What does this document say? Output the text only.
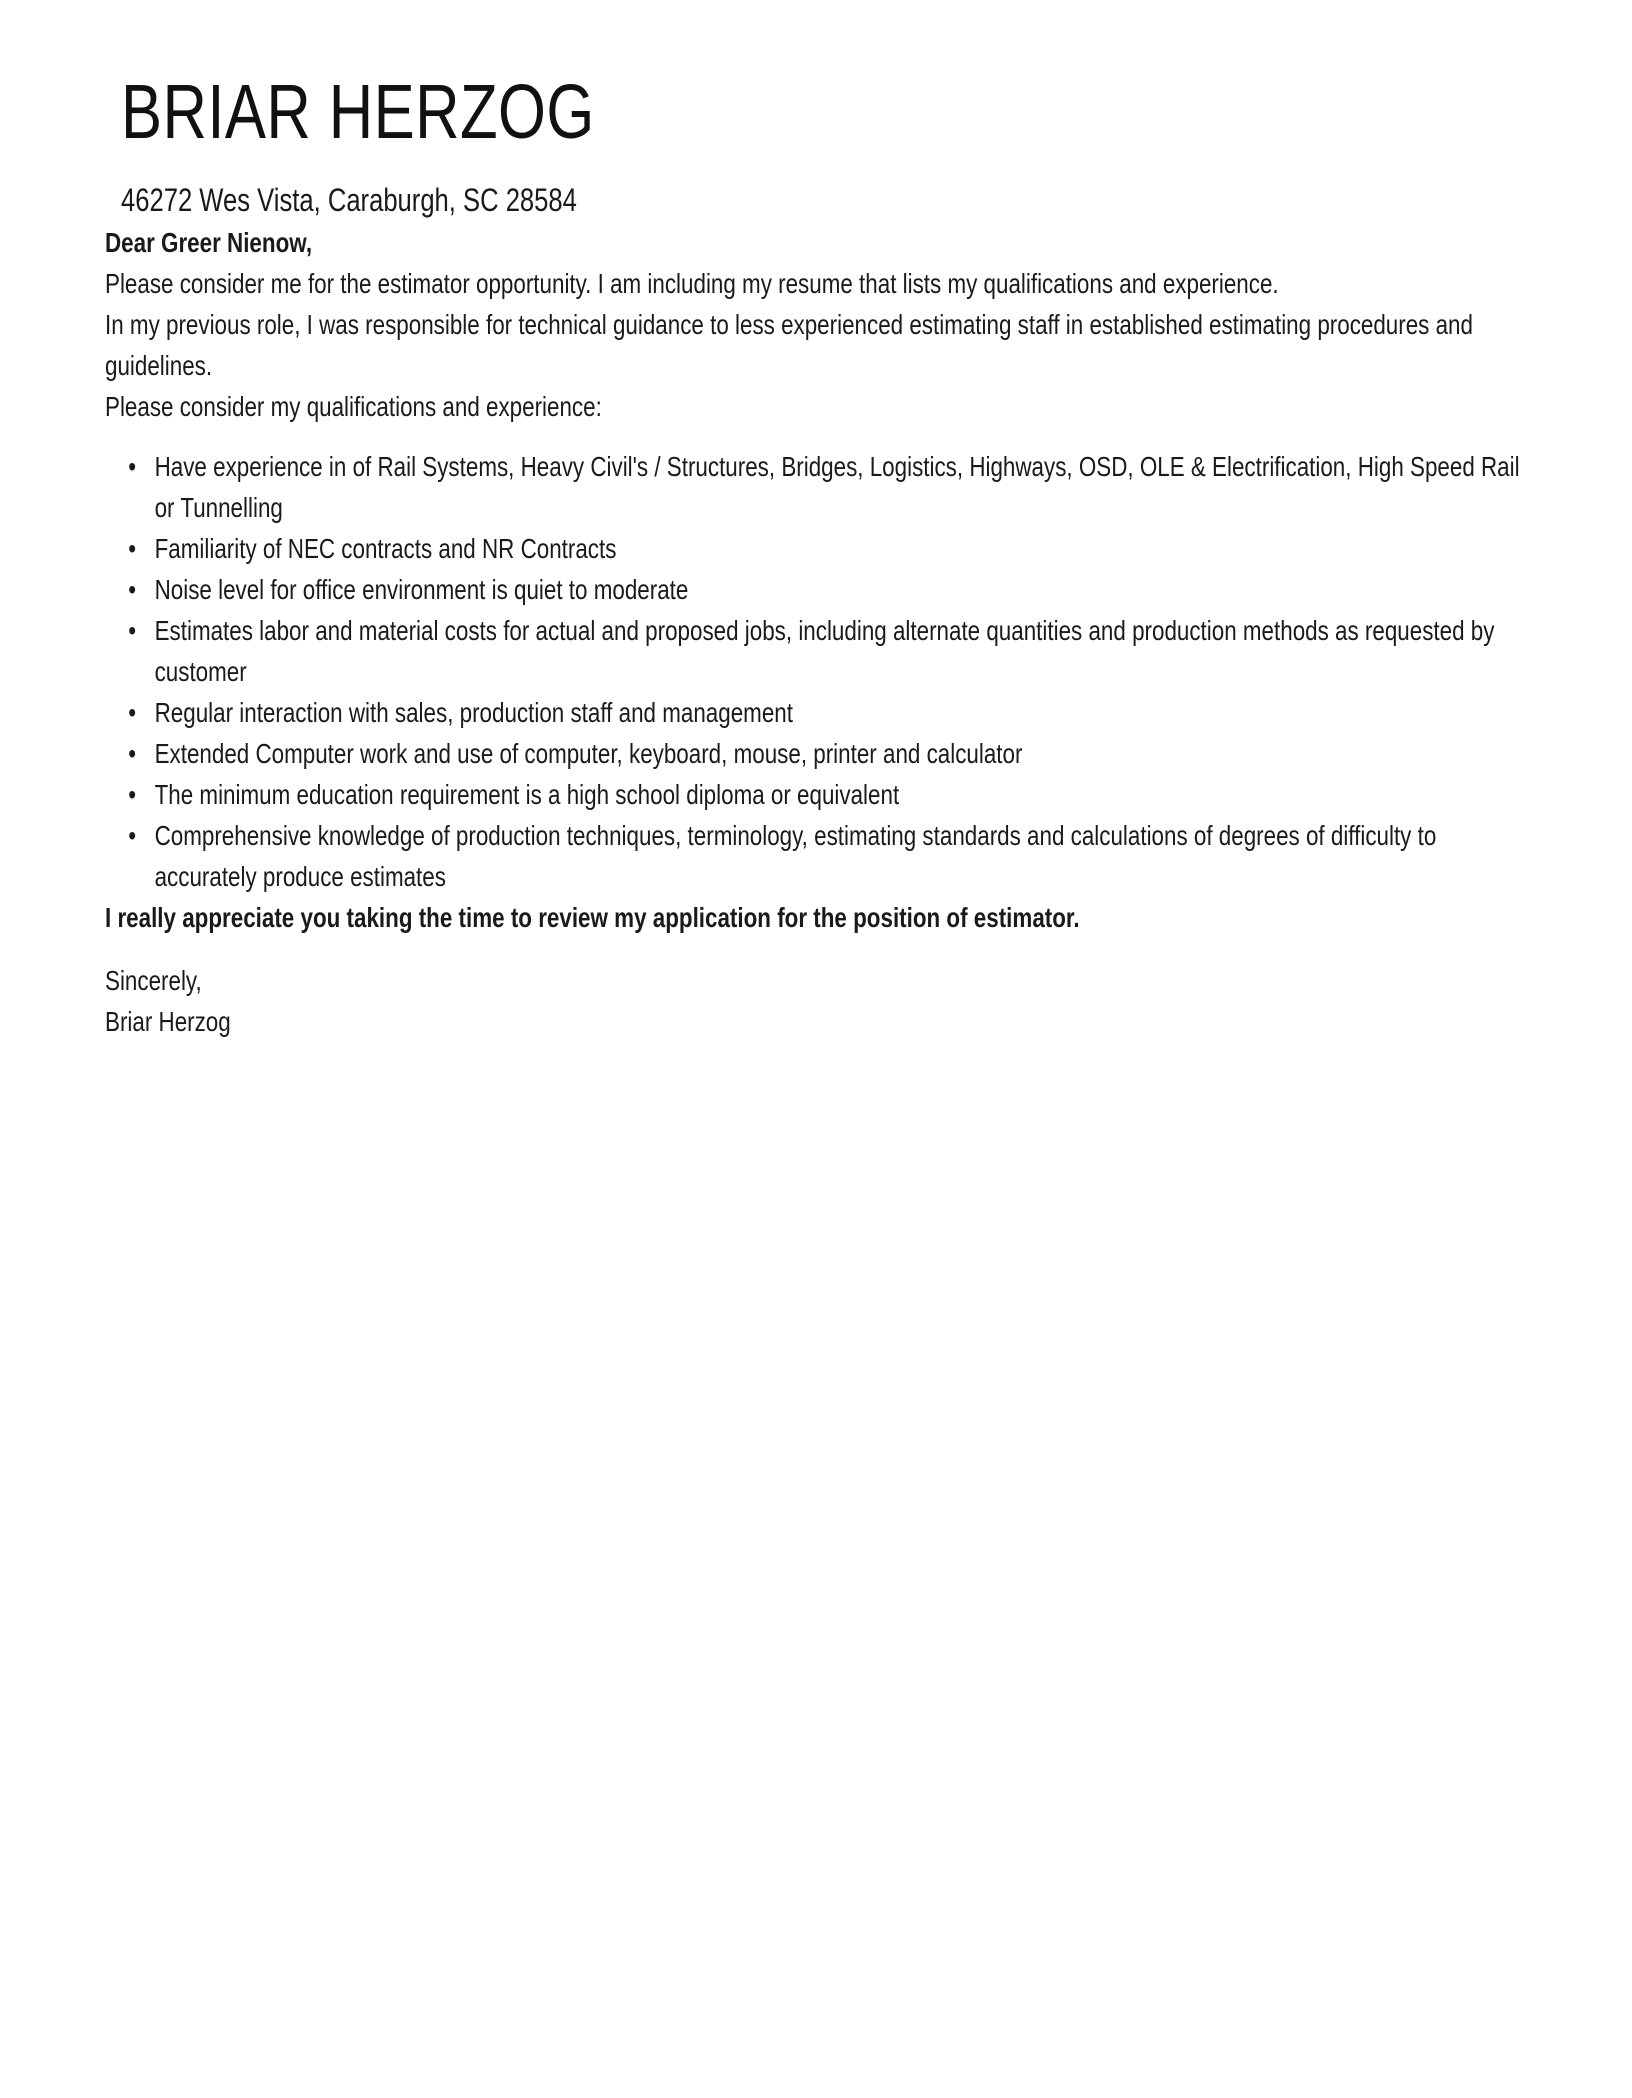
BRIAR HERZOG
46272 Wes Vista, Caraburgh, SC 28584

Dear Greer Nienow,

Please consider me for the estimator opportunity. I am including my resume that lists my qualifications and experience.

In my previous role, I was responsible for technical guidance to less experienced estimating staff in established estimating procedures and guidelines.

Please consider my qualifications and experience:

• Have experience in of Rail Systems, Heavy Civil's / Structures, Bridges, Logistics, Highways, OSD, OLE & Electrification, High Speed Rail or Tunnelling
• Familiarity of NEC contracts and NR Contracts
• Noise level for office environment is quiet to moderate
• Estimates labor and material costs for actual and proposed jobs, including alternate quantities and production methods as requested by customer
• Regular interaction with sales, production staff and management
• Extended Computer work and use of computer, keyboard, mouse, printer and calculator
• The minimum education requirement is a high school diploma or equivalent
• Comprehensive knowledge of production techniques, terminology, estimating standards and calculations of degrees of difficulty to accurately produce estimates

I really appreciate you taking the time to review my application for the position of estimator.

Sincerely,
Briar Herzog
